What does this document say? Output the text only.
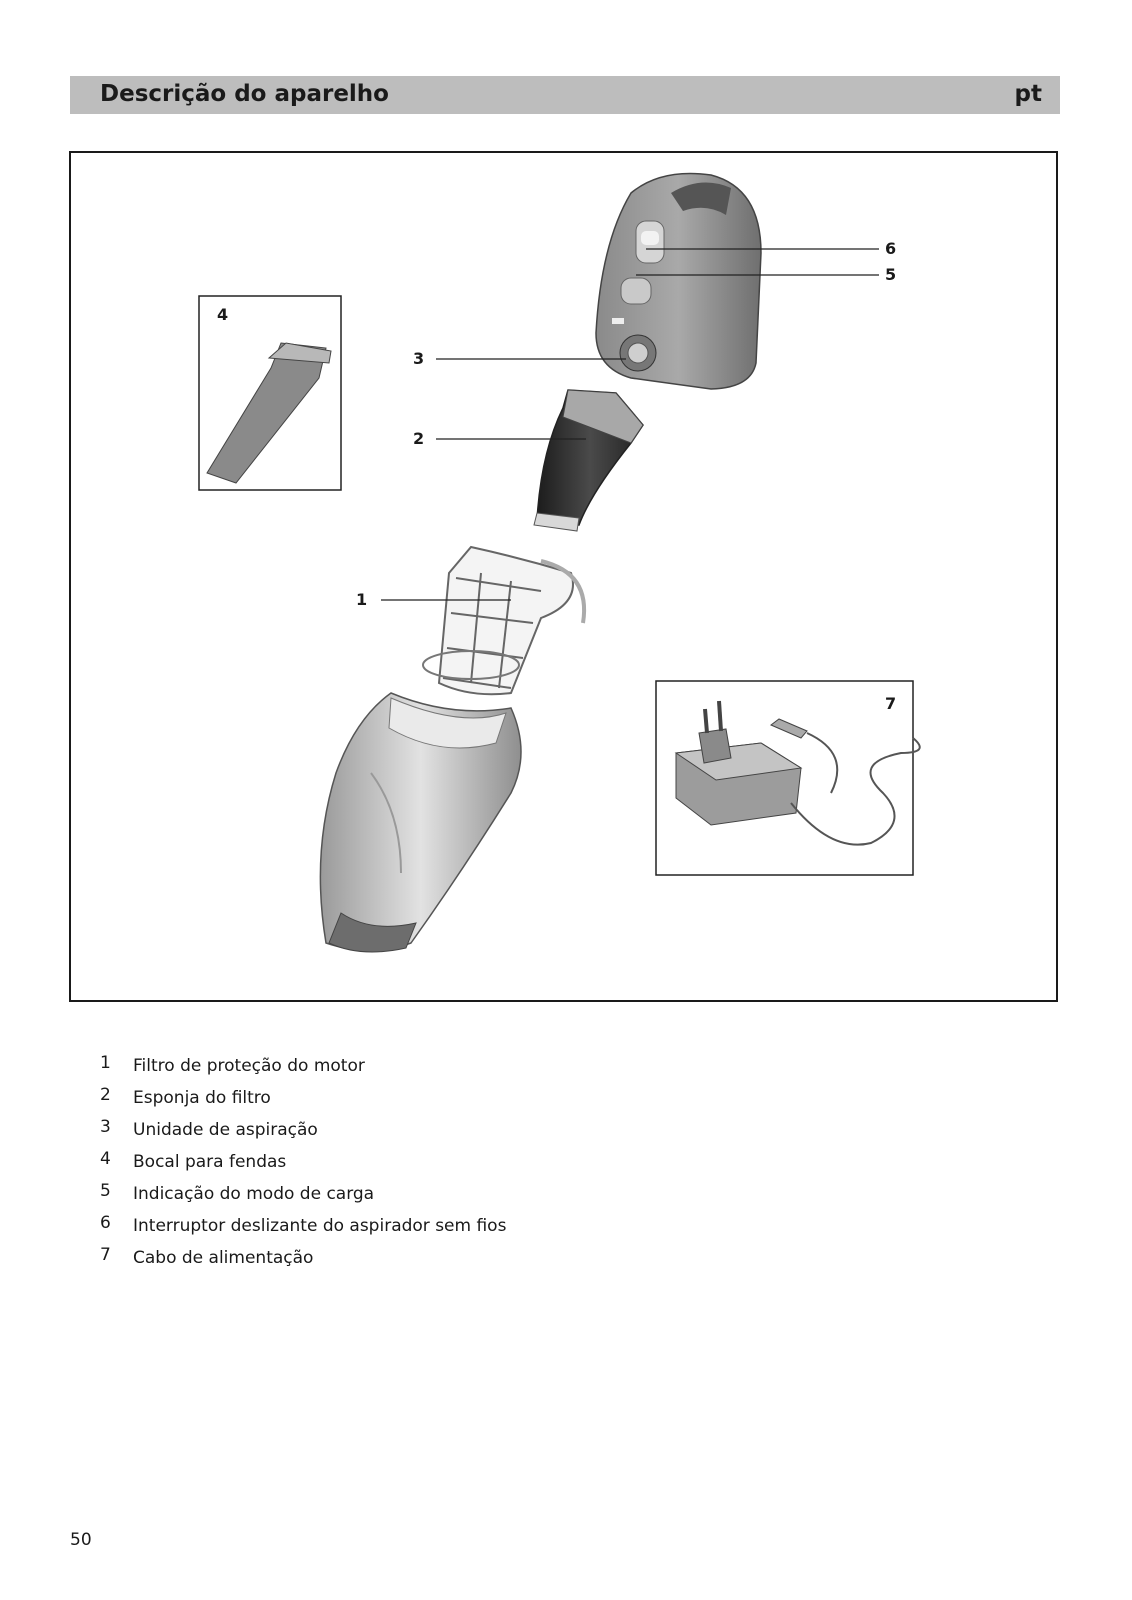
Descrição do aparelho	pt
6
5
4
3
2
1
7
1	Filtro de proteção do motor
2	Esponja do filtro
3	Unidade de aspiração
4	Bocal para fendas
5	Indicação do modo de carga
6	Interruptor deslizante do aspirador sem fios
7	Cabo de alimentação
50
